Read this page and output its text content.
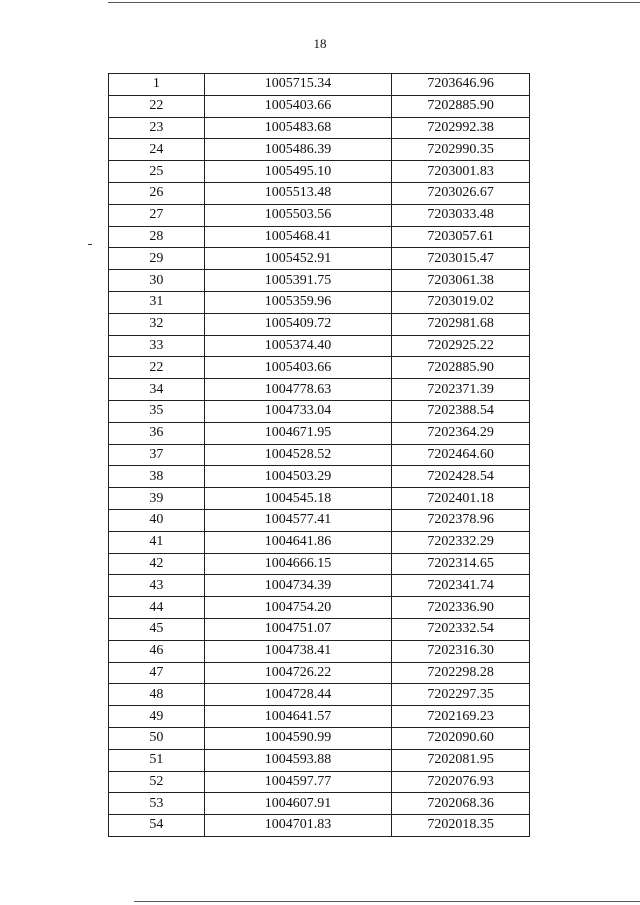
18
1	1005715.34	7203646.96
22	1005403.66	7202885.90
23	1005483.68	7202992.38
24	1005486.39	7202990.35
25	1005495.10	7203001.83
26	1005513.48	7203026.67
27	1005503.56	7203033.48
28	1005468.41	7203057.61
29	1005452.91	7203015.47
30	1005391.75	7203061.38
31	1005359.96	7203019.02
32	1005409.72	7202981.68
33	1005374.40	7202925.22
22	1005403.66	7202885.90
34	1004778.63	7202371.39
35	1004733.04	7202388.54
36	1004671.95	7202364.29
37	1004528.52	7202464.60
38	1004503.29	7202428.54
39	1004545.18	7202401.18
40	1004577.41	7202378.96
41	1004641.86	7202332.29
42	1004666.15	7202314.65
43	1004734.39	7202341.74
44	1004754.20	7202336.90
45	1004751.07	7202332.54
46	1004738.41	7202316.30
47	1004726.22	7202298.28
48	1004728.44	7202297.35
49	1004641.57	7202169.23
50	1004590.99	7202090.60
51	1004593.88	7202081.95
52	1004597.77	7202076.93
53	1004607.91	7202068.36
54	1004701.83	7202018.35
